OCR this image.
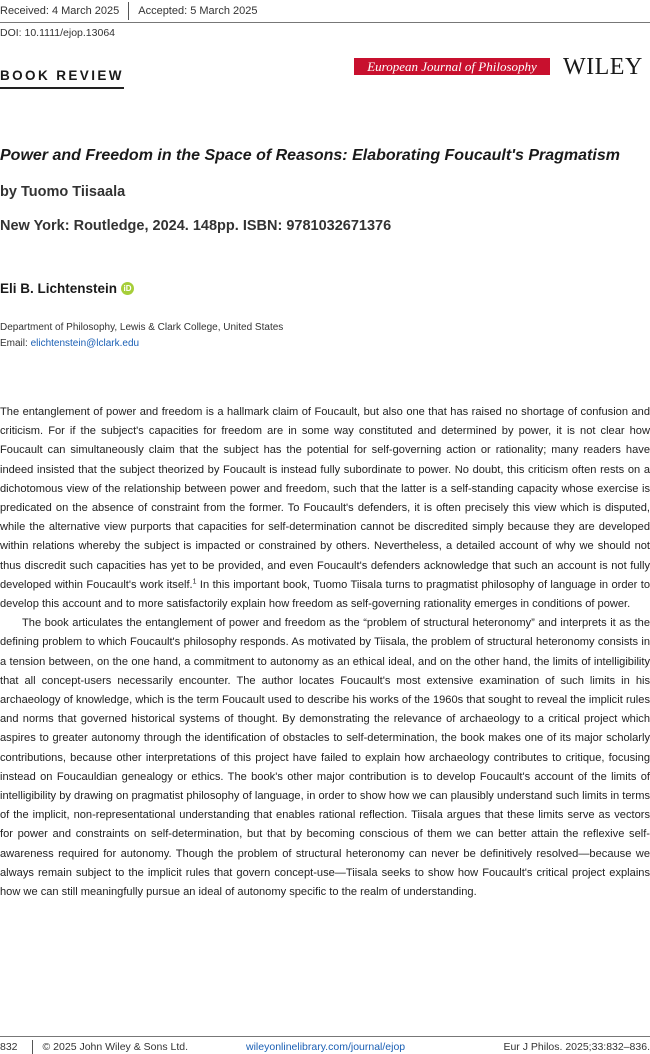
Received: 4 March 2025 Accepted: 5 March 2025
DOI: 10.1111/ejop.13064
BOOK REVIEW
European Journal of Philosophy	WILEY
Power and Freedom in the Space of Reasons: Elaborating Foucault's Pragmatism
by Tuomo Tiisaala
New York: Routledge, 2024. 148pp. ISBN: 9781032671376
Eli B. Lichtenstein iD
Department of Philosophy, Lewis & Clark College, United States
Email: elichtenstein@lclark.edu

The entanglement of power and freedom is a hallmark claim of Foucault, but also one that has raised no shortage of confusion and criticism. For if the subject's capacities for freedom are in some way constituted and determined by power, it is not clear how Foucault can simultaneously claim that the subject has the potential for self-governing action or rationality; many readers have indeed insisted that the subject theorized by Foucault is instead fully subordinate to power. No doubt, this criticism often rests on a dichotomous view of the relationship between power and freedom, such that the latter is a self-standing capacity whose exercise is predicated on the absence of constraint from the former. To Foucault's defenders, it is often precisely this view which is disputed, while the alternative view purports that capacities for self-determination cannot be discredited simply because they are developed within relations whereby the subject is impacted or constrained by others. Nevertheless, a detailed account of why we should not thus discredit such capacities has yet to be provided, and even Foucault's defenders acknowledge that such an account is not fully developed within Foucault's work itself.$^1$ In this important book, Tuomo Tiisala turns to pragmatist philosophy of language in order to develop this account and to more satisfactorily explain how freedom as self-governing rationality emerges in conditions of power.

The book articulates the entanglement of power and freedom as the “problem of structural heteronomy” and interprets it as the defining problem to which Foucault's philosophy responds. As motivated by Tiisala, the problem of structural heteronomy consists in a tension between, on the one hand, a commitment to autonomy as an ethical ideal, and on the other hand, the limits of intelligibility that all concept-users necessarily encounter. The author locates Foucault's most extensive examination of such limits in his archaeology of knowledge, which is the term Foucault used to describe his works of the 1960s that sought to reveal the implicit rules and norms that governed historical systems of thought. By demonstrating the relevance of archaeology to a critical project which aspires to greater autonomy through the identification of obstacles to self-determination, the book makes one of its major scholarly contributions, because other interpretations of this project have failed to explain how archaeology contributes to critique, focusing instead on Foucauldian genealogy or ethics. The book's other major contribution is to develop Foucault's account of the limits of intelligibility by drawing on pragmatist philosophy of language, in order to show how we can plausibly understand such limits in terms of the implicit, non-representational understanding that enables rational reflection. Tiisala argues that these limits serve as vectors for power and constraints on self-determination, but that by becoming conscious of them we can better attain the reflexive self-awareness required for autonomy. Though the problem of structural heteronomy can never be definitively resolved—because we always remain subject to the implicit rules that govern concept-use—Tiisala seeks to show how Foucault's critical project explains how we can still meaningfully pursue an ideal of autonomy specific to the realm of understanding.

832 © 2025 John Wiley & Sons Ltd.	wileyonlinelibrary.com/journal/ejop	Eur J Philos. 2025;33:832–836.
